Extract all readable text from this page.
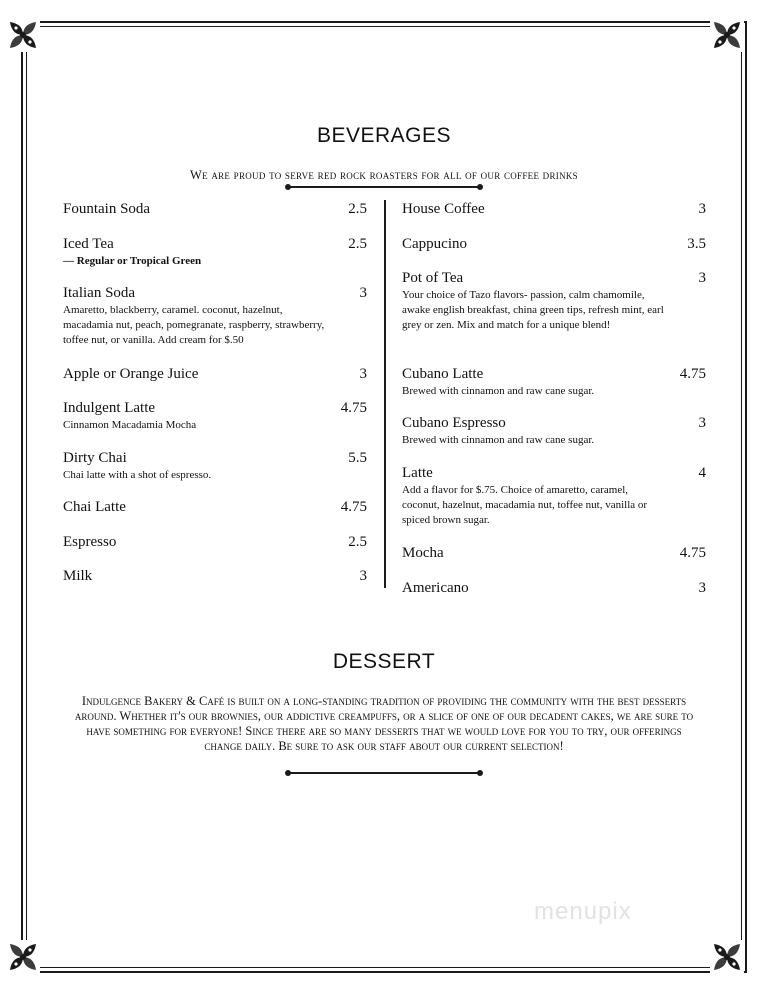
BEVERAGES
We are proud to serve red rock roasters for all of our coffee drinks
Fountain Soda	2.5
Iced Tea	2.5
— Regular or Tropical Green
Italian Soda	3
Amaretto, blackberry, caramel. coconut, hazelnut, macadamia nut, peach, pomegranate, raspberry, strawberry, toffee nut, or vanilla. Add cream for $.50
Apple or Orange Juice	3
Indulgent Latte	4.75
Cinnamon Macadamia Mocha
Dirty Chai	5.5
Chai latte with a shot of espresso.
Chai Latte	4.75
Espresso	2.5
Milk	3
House Coffee	3
Cappucino	3.5
Pot of Tea	3
Your choice of Tazo flavors- passion, calm chamomile, awake english breakfast, china green tips, refresh mint, earl grey or zen. Mix and match for a unique blend!
Cubano Latte	4.75
Brewed with cinnamon and raw cane sugar.
Cubano Espresso	3
Brewed with cinnamon and raw cane sugar.
Latte	4
Add a flavor for $.75. Choice of amaretto, caramel, coconut, hazelnut, macadamia nut, toffee nut, vanilla or spiced brown sugar.
Mocha	4.75
Americano	3
DESSERT
Indulgence Bakery & Café is built on a long-standing tradition of providing the community with the best desserts around. Whether it's our brownies, our addictive creampuffs, or a slice of one of our decadent cakes, we are sure to have something for everyone! Since there are so many desserts that we would love for you to try, our offerings change daily. Be sure to ask our staff about our current selection!
menupix
